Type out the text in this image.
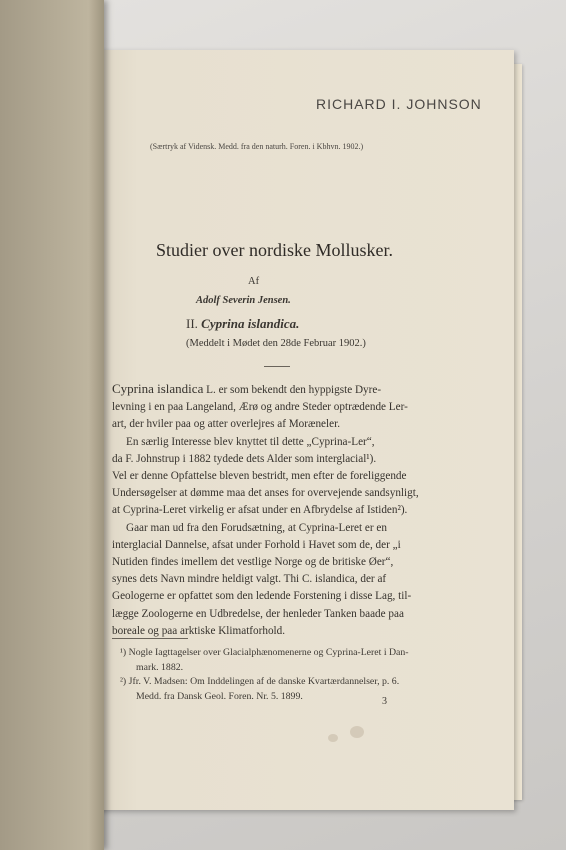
RICHARD I. JOHNSON
(Særtryk af Vidensk. Medd. fra den naturh. Foren. i Kbhvn. 1902.)
Studier over nordiske Mollusker.
Af
Adolf Severin Jensen.
II. Cyprina islandica.
(Meddelt i Mødet den 28de Februar 1902.)
Cyprina islandica L. er som bekendt den hyppigste Dyre-
levning i en paa Langeland, Ærø og andre Steder optrædende Ler-
art, der hviler paa og atter overlejres af Moræneler.
En særlig Interesse blev knyttet til dette „Cyprina-Ler“,
da F. Johnstrup i 1882 tydede dets Alder som interglacial¹).
Vel er denne Opfattelse bleven bestridt, men efter de foreliggende
Undersøgelser at dømme maa det anses for overvejende sandsynligt,
at Cyprina-Leret virkelig er afsat under en Afbrydelse af Istiden²).
Gaar man ud fra den Forudsætning, at Cyprina-Leret er en
interglacial Dannelse, afsat under Forhold i Havet som de, der „i
Nutiden findes imellem det vestlige Norge og de britiske Øer“,
synes dets Navn mindre heldigt valgt. Thi C. islandica, der af
Geologerne er opfattet som den ledende Forstening i disse Lag, til-
lægge Zoologerne en Udbredelse, der henleder Tanken baade paa
boreale og paa arktiske Klimatforhold.
¹) Nogle Iagttagelser over Glacialphænomenerne og Cyprina-Leret i Dan-
mark. 1882.
²) Jfr. V. Madsen: Om Inddelingen af de danske Kvartærdannelser, p. 6.
Medd. fra Dansk Geol. Foren. Nr. 5. 1899.	3
